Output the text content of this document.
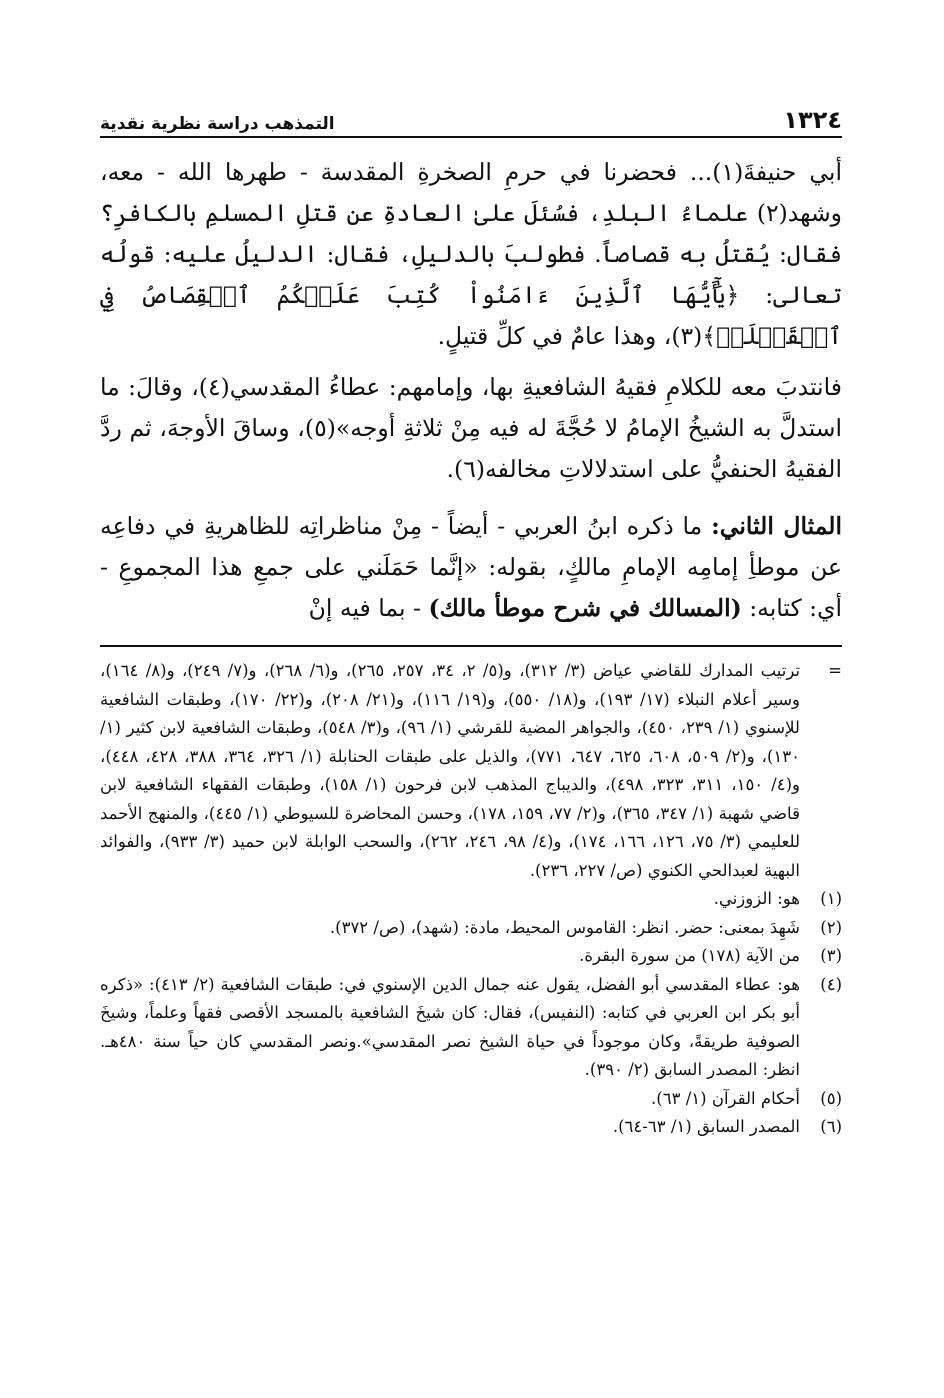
١٣٢٤
التمذهب دراسة نظرية نقدية

أبي حنيفةَ(١)... فحضرنا في حرمِ الصخرةِ المقدسة - طهرها الله - معه، وشهد(٢) علماءُ البلدِ، فسُئلَ علىٰ العادةِ عن قتلِ المسلمِ بالكافرِ؟ فقال: يُقتلُ به قصاصاً. فطولبَ بالدليلِ، فقال: الدليلُ عليه: قولُه تعالى: ﴿يَٰٓأَيُّهَا ٱلَّذِينَ ءَامَنُواْ كُتِبَ عَلَيۡكُمُ ٱلۡقِصَاصُ فِي ٱلۡقَتۡلَىۖ﴾(٣)، وهذا عامٌ في كلِّ قتيلٍ.

فانتدبَ معه للكلامِ فقيهُ الشافعيةِ بها، وإمامهم: عطاءُ المقدسي(٤)، وقالَ: ما استدلَّ به الشيخُ الإمامُ لا حُجَّةَ له فيه مِنْ ثلاثةِ أوجه»(٥)، وساقَ الأوجهَ، ثم ردَّ الفقيهُ الحنفيُّ على استدلالاتِ مخالفه(٦).

المثال الثاني: ما ذكره ابنُ العربي - أيضاً - مِنْ مناظراتِه للظاهريةِ في دفاعِه عن موطأِ إمامِه الإمامِ مالكٍ، بقوله: «إنَّما حَمَلَني على جمعِ هذا المجموعِ - أي: كتابه: (المسالك في شرح موطأ مالك) - بما فيه إنْ

=
ترتيب المدارك للقاضي عياض (٣/ ٣١٢)، و(٥/ ٢، ٣٤، ٢٥٧، ٢٦٥)، و(٦/ ٢٦٨)، و(٧/ ٢٤٩)، و(٨/ ١٦٤)، وسير أعلام النبلاء (١٧/ ١٩٣)، و(١٨/ ٥٥٠)، و(١٩/ ١١٦)، و(٢١/ ٢٠٨)، و(٢٢/ ١٧٠)، وطبقات الشافعية للإسنوي (١/ ٢٣٩، ٤٥٠)، والجواهر المضية للقرشي (١/ ٩٦)، و(٣/ ٥٤٨)، وطبقات الشافعية لابن كثير (١/ ١٣٠)، و(٢/ ٥٠٩، ٦٠٨، ٦٢٥، ٦٤٧، ٧٧١)، والذيل على طبقات الحنابلة (١/ ٣٢٦، ٣٦٤، ٣٨٨، ٤٢٨، ٤٤٨)، و(٤/ ١٥٠، ٣١١، ٣٢٣، ٤٩٨)، والديباج المذهب لابن فرحون (١/ ١٥٨)، وطبقات الفقهاء الشافعية لابن قاضي شهبة (١/ ٣٤٧، ٣٦٥)، و(٢/ ٧٧، ١٥٩، ١٧٨)، وحسن المحاضرة للسيوطي (١/ ٤٤٥)، والمنهج الأحمد للعليمي (٣/ ٧٥، ١٢٦، ١٦٦، ١٧٤)، و(٤/ ٩٨، ٢٤٦، ٢٦٢)، والسحب الوابلة لابن حميد (٣/ ٩٣٣)، والفوائد البهية لعبدالحي الكنوي (ص/ ٢٢٧، ٢٣٦).
(١)
هو: الزوزني.
(٢)
شَهِدَ بمعنى: حضر. انظر: القاموس المحيط، مادة: (شهد)، (ص/ ٣٧٢).
(٣)
من الآية (١٧٨) من سورة البقرة.
(٤)
هو: عطاء المقدسي أبو الفضل، يقول عنه جمال الدين الإسنوي في: طبقات الشافعية (٢/ ٤١٣): «ذكره أبو بكر ابن العربي في كتابه: (النفيس)، فقال: كان شيخَ الشافعية بالمسجد الأقصى فقهاً وعلماً، وشيخَ الصوفية طريقةً، وكان موجوداً في حياة الشيخ نصر المقدسي».ونصر المقدسي كان حياً سنة ٤٨٠هـ. انظر: المصدر السابق (٢/ ٣٩٠).
(٥)
أحكام القرآن (١/ ٦٣).
(٦)
المصدر السابق (١/ ٦٣-٦٤).
